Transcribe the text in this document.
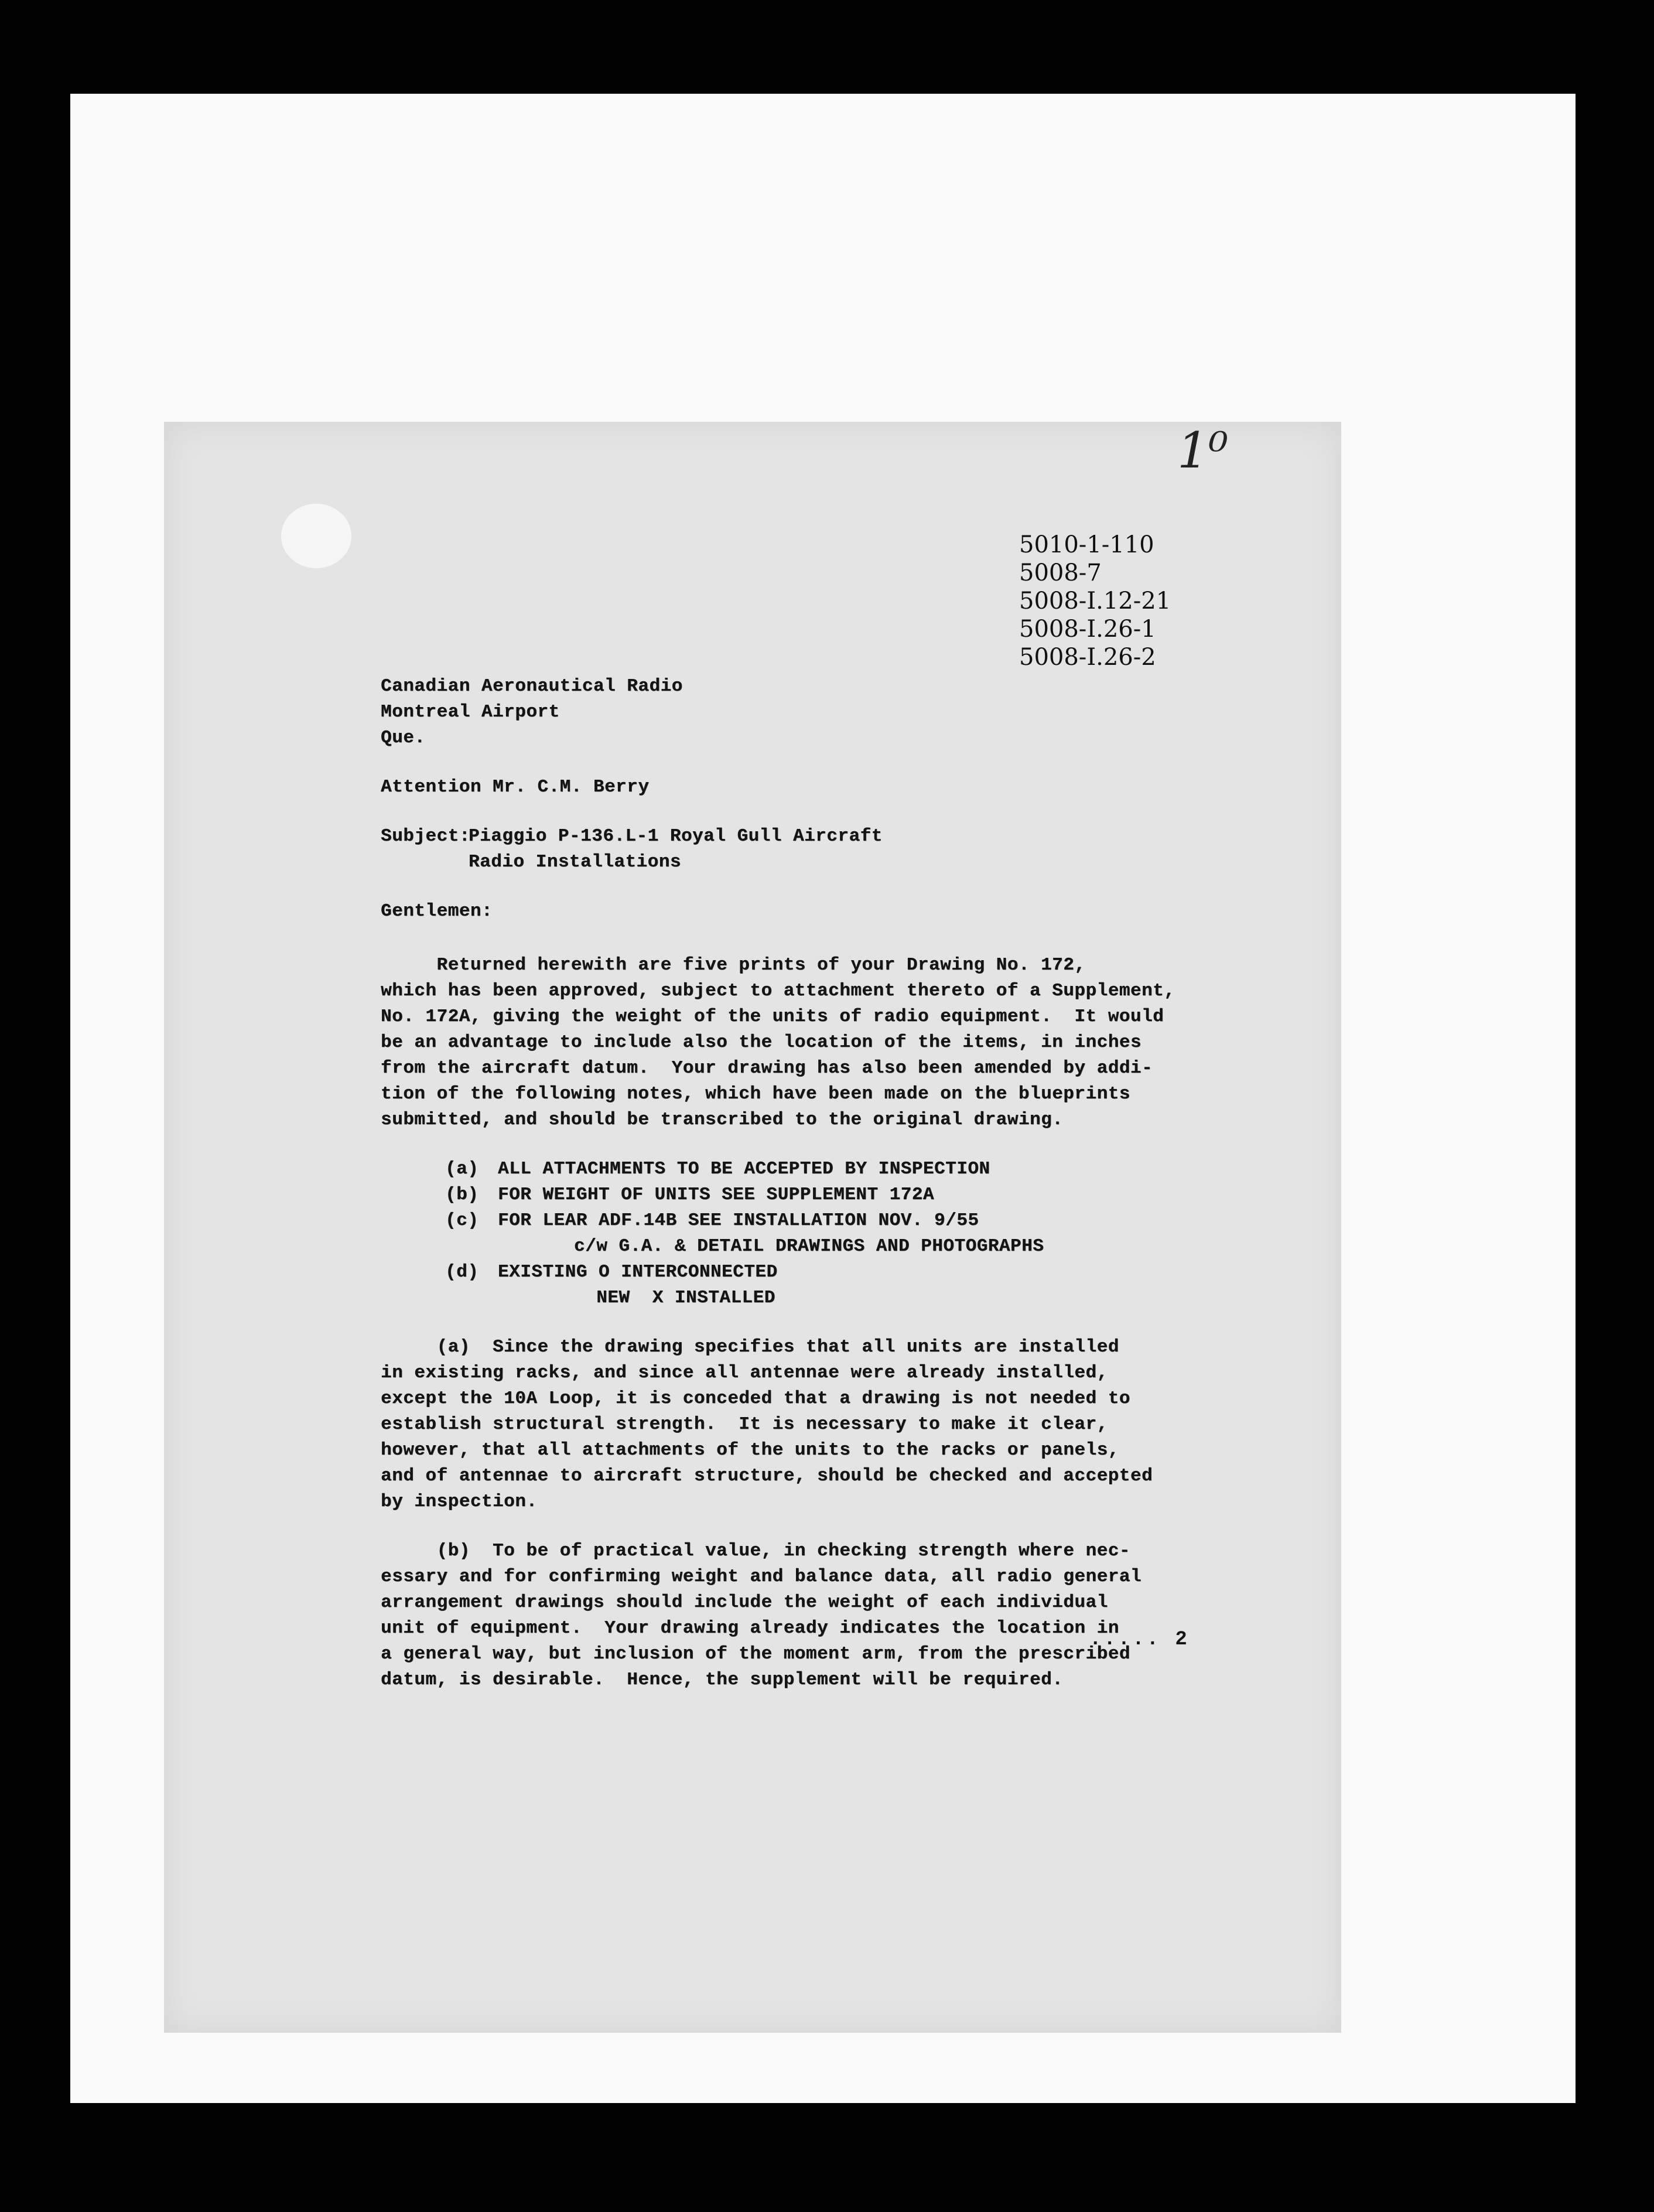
1⁰
5010-1-110
5008-7
5008-I.12-21
5008-I.26-1
5008-I.26-2
Canadian Aeronautical Radio
Montreal Airport
Que.
Attention Mr. C.M. Berry
Subject:
Piaggio P-136.L-1 Royal Gull Aircraft
Radio Installations
Gentlemen:
Returned herewith are five prints of your Drawing No. 172,
which has been approved, subject to attachment thereto of a Supplement,
No. 172A, giving the weight of the units of radio equipment.  It would
be an advantage to include also the location of the items, in inches
from the aircraft datum.  Your drawing has also been amended by addi-
tion of the following notes, which have been made on the blueprints
submitted, and should be transcribed to the original drawing.
(a)	ALL ATTACHMENTS TO BE ACCEPTED BY INSPECTION
(b)	FOR WEIGHT OF UNITS SEE SUPPLEMENT 172A
(c)	FOR LEAR ADF.14B SEE INSTALLATION NOV. 9/55
c/w G.A. & DETAIL DRAWINGS AND PHOTOGRAPHS
(d)	EXISTING O INTERCONNECTED
NEW  X INSTALLED
(a)  Since the drawing specifies that all units are installed
in existing racks, and since all antennae were already installed,
except the 10A Loop, it is conceded that a drawing is not needed to
establish structural strength.  It is necessary to make it clear,
however, that all attachments of the units to the racks or panels,
and of antennae to aircraft structure, should be checked and accepted
by inspection.
(b)  To be of practical value, in checking strength where nec-
essary and for confirming weight and balance data, all radio general
arrangement drawings should include the weight of each individual
unit of equipment.  Your drawing already indicates the location in
a general way, but inclusion of the moment arm, from the prescribed
datum, is desirable.  Hence, the supplement will be required.
..... 2
